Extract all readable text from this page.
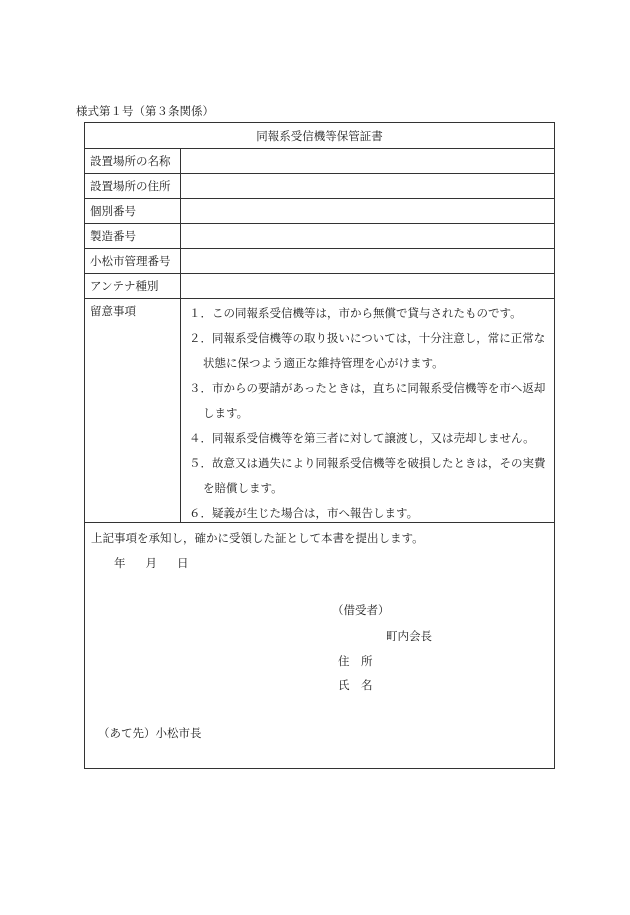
様式第１号（第３条関係）
同報系受信機等保管証書
設置場所の名称
設置場所の住所
個別番号
製造番号
小松市管理番号
アンテナ種別
留意事項	１．この同報系受信機等は，市から無償で貸与されたものです。
２．同報系受信機等の取り扱いについては，十分注意し，常に正常な状態に保つよう適正な維持管理を心がけます。
３．市からの要請があったときは，直ちに同報系受信機等を市へ返却します。
４．同報系受信機等を第三者に対して譲渡し，又は売却しません。
５．故意又は過失により同報系受信機等を破損したときは，その実費を賠償します。
６．疑義が生じた場合は，市へ報告します。
上記事項を承知し，確かに受領した証として本書を提出します。
年 月 日
（借受者）
町内会長
住　所
氏　名
（あて先）小松市長
